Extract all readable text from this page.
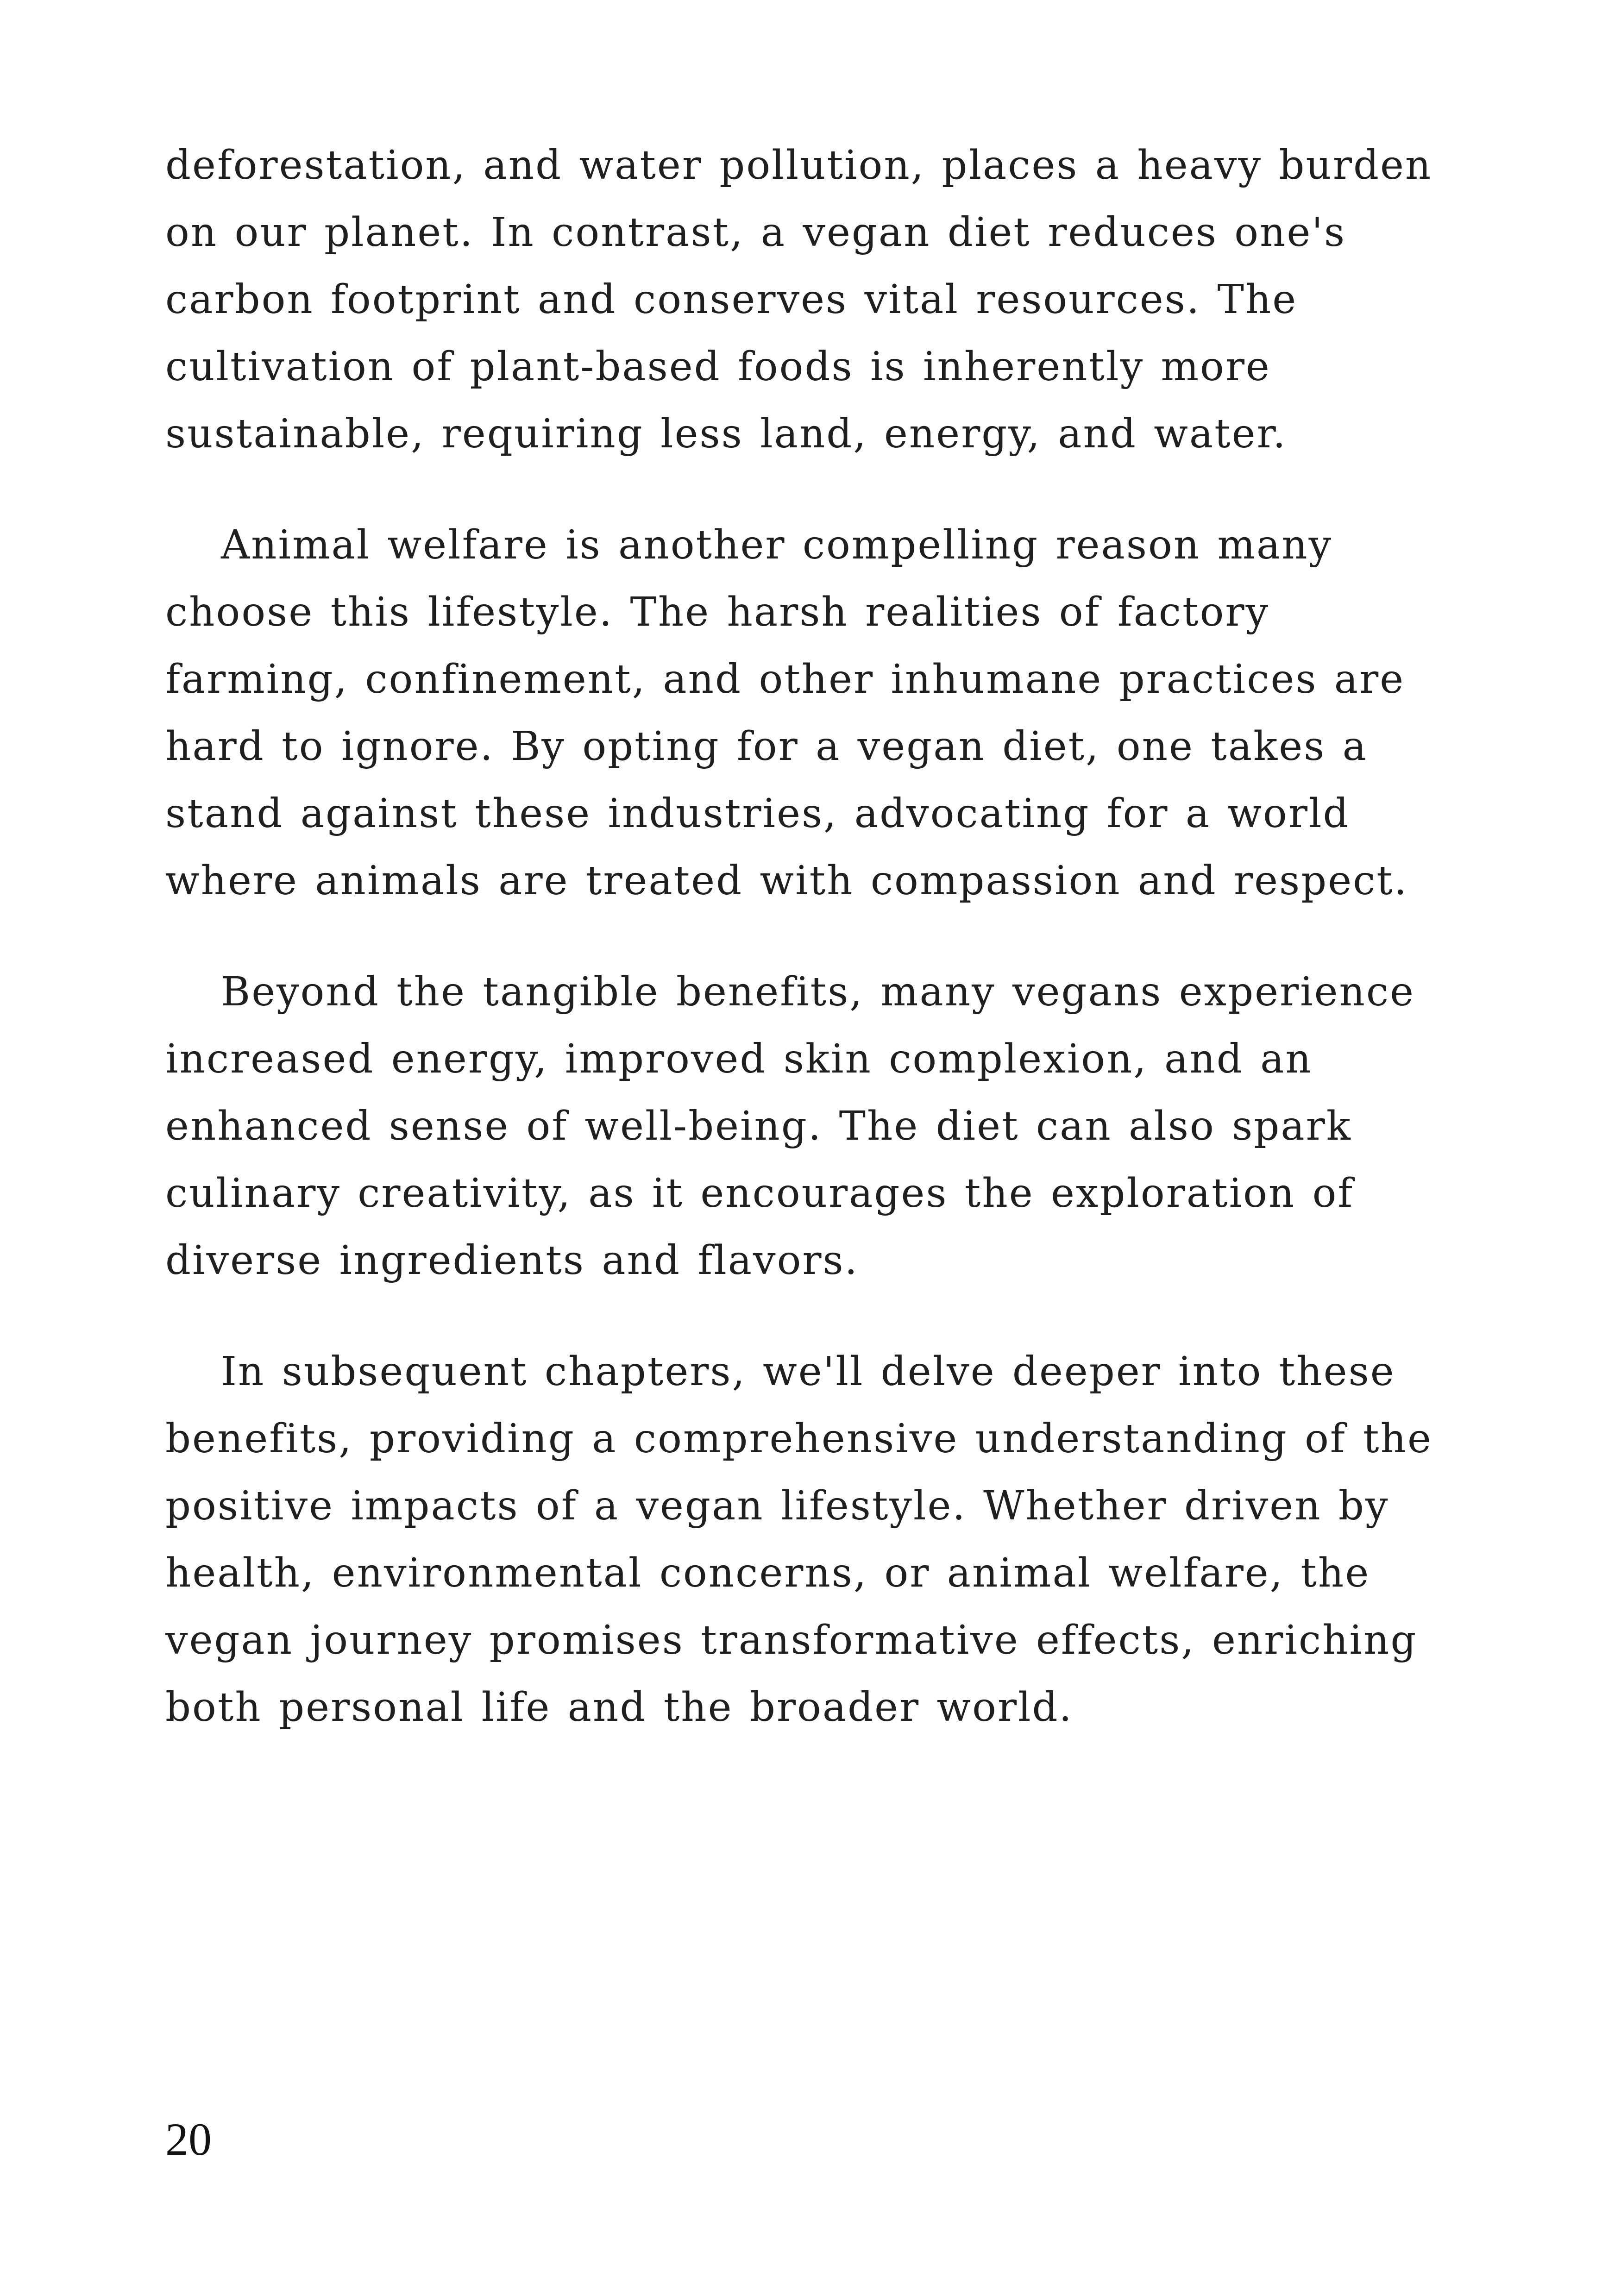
deforestation, and water pollution, places a heavy burden on our planet. In contrast, a vegan diet reduces one's carbon footprint and conserves vital resources. The cultivation of plant-based foods is inherently more sustainable, requiring less land, energy, and water.

Animal welfare is another compelling reason many choose this lifestyle. The harsh realities of factory farming, confinement, and other inhumane practices are hard to ignore. By opting for a vegan diet, one takes a stand against these industries, advocating for a world where animals are treated with compassion and respect.

Beyond the tangible benefits, many vegans experience increased energy, improved skin complexion, and an enhanced sense of well-being. The diet can also spark culinary creativity, as it encourages the exploration of diverse ingredients and flavors.

In subsequent chapters, we'll delve deeper into these benefits, providing a comprehensive understanding of the positive impacts of a vegan lifestyle. Whether driven by health, environmental concerns, or animal welfare, the vegan journey promises transformative effects, enriching both personal life and the broader world.

20
